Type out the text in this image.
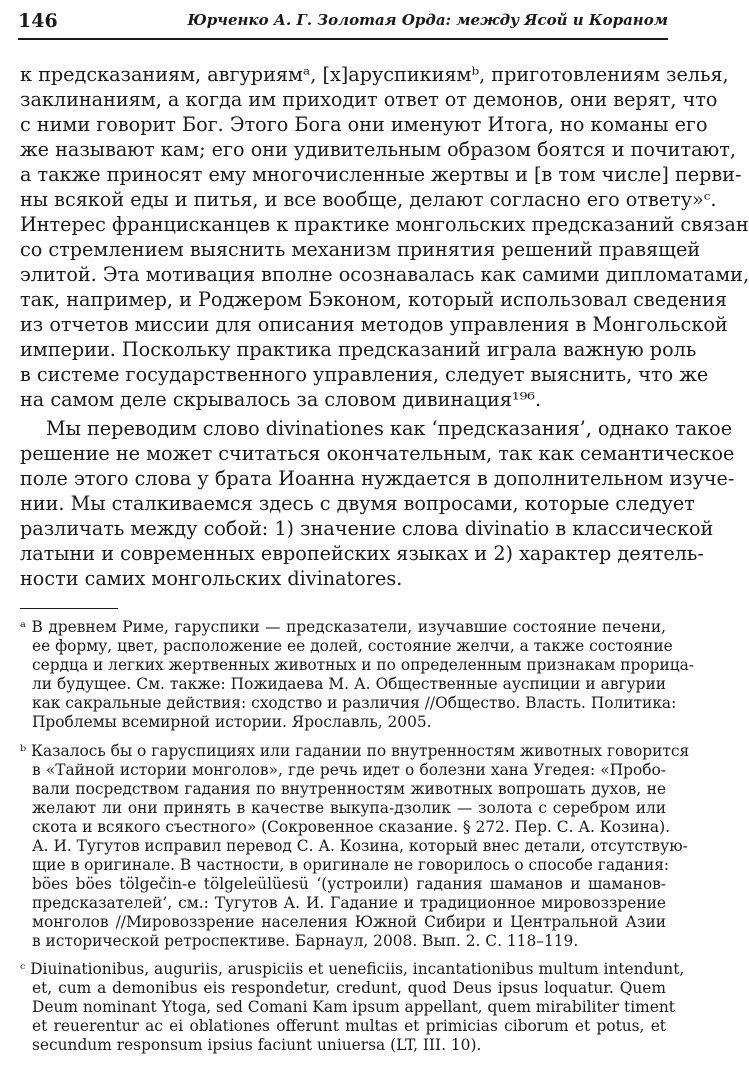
146	Юрченко А. Г. Золотая Орда: между Ясой и Кораном
к предсказаниям, авгуриямᵃ, [х]аруспикиямᵇ, приготовлениям зелья,
заклинаниям, а когда им приходит ответ от демонов, они верят, что
с ними говорит Бог. Этого Бога они именуют Итога, но команы его
же называют кам; его они удивительным образом боятся и почитают,
а также приносят ему многочисленные жертвы и [в том числе] перви-
ны всякой еды и питья, и все вообще, делают согласно его ответу»ᶜ.
Интерес францисканцев к практике монгольских предсказаний связан
со стремлением выяснить механизм принятия решений правящей
элитой. Эта мотивация вполне осознавалась как самими дипломатами,
так, например, и Роджером Бэконом, который использовал сведения
из отчетов миссии для описания методов управления в Монгольской
империи. Поскольку практика предсказаний играла важную роль
в системе государственного управления, следует выяснить, что же
на самом деле скрывалось за словом дивинация¹⁹⁶.
Мы переводим слово divinationes как ‘предсказания’, однако такое
решение не может считаться окончательным, так как семантическое
поле этого слова у брата Иоанна нуждается в дополнительном изуче-
нии. Мы сталкиваемся здесь с двумя вопросами, которые следует
различать между собой: 1) значение слова divinatio в классической
латыни и современных европейских языках и 2) характер деятель-
ности самих монгольских divinatores.
ᵃ В древнем Риме, гаруспики — предсказатели, изучавшие состояние печени,
ее форму, цвет, расположение ее долей, состояние желчи, а также состояние
сердца и легких жертвенных животных и по определенным признакам прорица-
ли будущее. См. также: Пожидаева М. А. Общественные ауспиции и авгурии
как сакральные действия: сходство и различия //Общество. Власть. Политика:
Проблемы всемирной истории. Ярославль, 2005.
ᵇ Казалось бы о гаруспициях или гадании по внутренностям животных говорится
в «Тайной истории монголов», где речь идет о болезни хана Угедея: «Пробо-
вали посредством гадания по внутренностям животных вопрошать духов, не
желают ли они принять в качестве выкупа-дзолик — золота с серебром или
скота и всякого съестного» (Сокровенное сказание. § 272. Пер. С. А. Козина).
А. И. Тугутов исправил перевод С. А. Козина, который внес детали, отсутствую-
щие в оригинале. В частности, в оригинале не говорилось о способе гадания:
böes böes tölgečin-e tölgeleülüesü ‘(устроили) гадания шаманов и шаманов-
предсказателей’, см.: Тугутов А. И. Гадание и традиционное мировоззрение
монголов //Мировоззрение населения Южной Сибири и Центральной Азии
в исторической ретроспективе. Барнаул, 2008. Вып. 2. С. 118–119.
ᶜ Diuinationibus, auguriis, aruspiciis et ueneficiis, incantationibus multum intendunt,
et, cum a demonibus eis respondetur, credunt, quod Deus ipsus loquatur. Quem
Deum nominant Ytoga, sed Comani Kam ipsum appellant, quem mirabiliter timent
et reuerentur ac ei oblationes offerunt multas et primicias ciborum et potus, et
secundum responsum ipsius faciunt uniuersa (LT, III. 10).
